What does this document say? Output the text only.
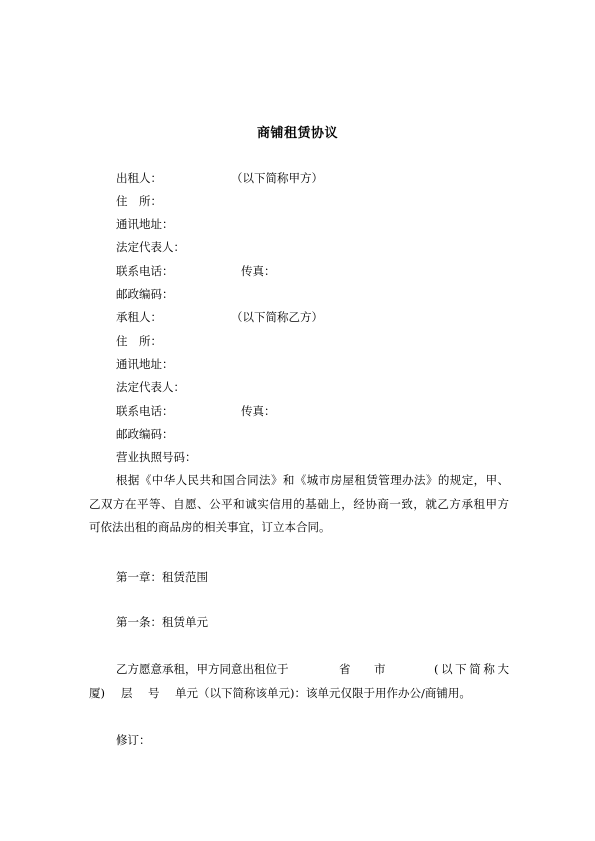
商铺租赁协议
出租人：	（以下简称甲方）
住　所：
通讯地址：
法定代表人：
联系电话：	传真：
邮政编码：
承租人：	（以下简称乙方）
住　所：
通讯地址：
法定代表人：
联系电话：	传真：
邮政编码：
营业执照号码：
根据《中华人民共和国合同法》和《城市房屋租赁管理办法》的规定，甲、
乙双方在平等、自愿、公平和诚实信用的基础上，经协商一致，就乙方承租甲方
可依法出租的商品房的相关事宜，订立本合同。
第一章：租赁范围
第一条：租赁单元
乙方愿意承租，甲方同意出租位于	省 市	(以下简称大
厦) 层 号 单元（以下简称该单元)：该单元仅限于用作办公/商铺用。
修订：
